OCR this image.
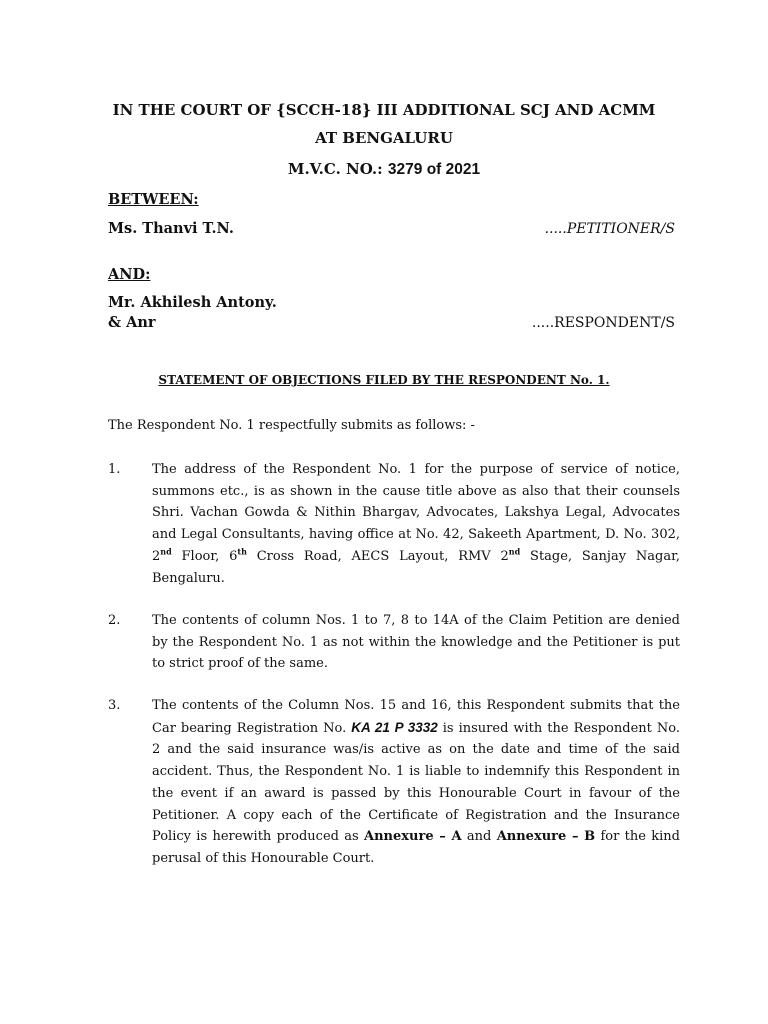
IN THE COURT OF {SCCH-18} III ADDITIONAL SCJ AND ACMM AT BENGALURU
M.V.C. NO.: 3279 of 2021
BETWEEN:
Ms. Thanvi T.N.	.....PETITIONER/S
AND:
Mr. Akhilesh Antony.
& Anr	.....RESPONDENT/S
STATEMENT OF OBJECTIONS FILED BY THE RESPONDENT No. 1.
The Respondent No. 1 respectfully submits as follows: -
1. The address of the Respondent No. 1 for the purpose of service of notice, summons etc., is as shown in the cause title above as also that their counsels Shri. Vachan Gowda & Nithin Bhargav, Advocates, Lakshya Legal, Advocates and Legal Consultants, having office at No. 42, Sakeeth Apartment, D. No. 302, 2nd Floor, 6th Cross Road, AECS Layout, RMV 2nd Stage, Sanjay Nagar, Bengaluru.
2. The contents of column Nos. 1 to 7, 8 to 14A of the Claim Petition are denied by the Respondent No. 1 as not within the knowledge and the Petitioner is put to strict proof of the same.
3. The contents of the Column Nos. 15 and 16, this Respondent submits that the Car bearing Registration No. KA 21 P 3332 is insured with the Respondent No. 2 and the said insurance was/is active as on the date and time of the said accident. Thus, the Respondent No. 1 is liable to indemnify this Respondent in the event if an award is passed by this Honourable Court in favour of the Petitioner. A copy each of the Certificate of Registration and the Insurance Policy is herewith produced as Annexure – A and Annexure – B for the kind perusal of this Honourable Court.
